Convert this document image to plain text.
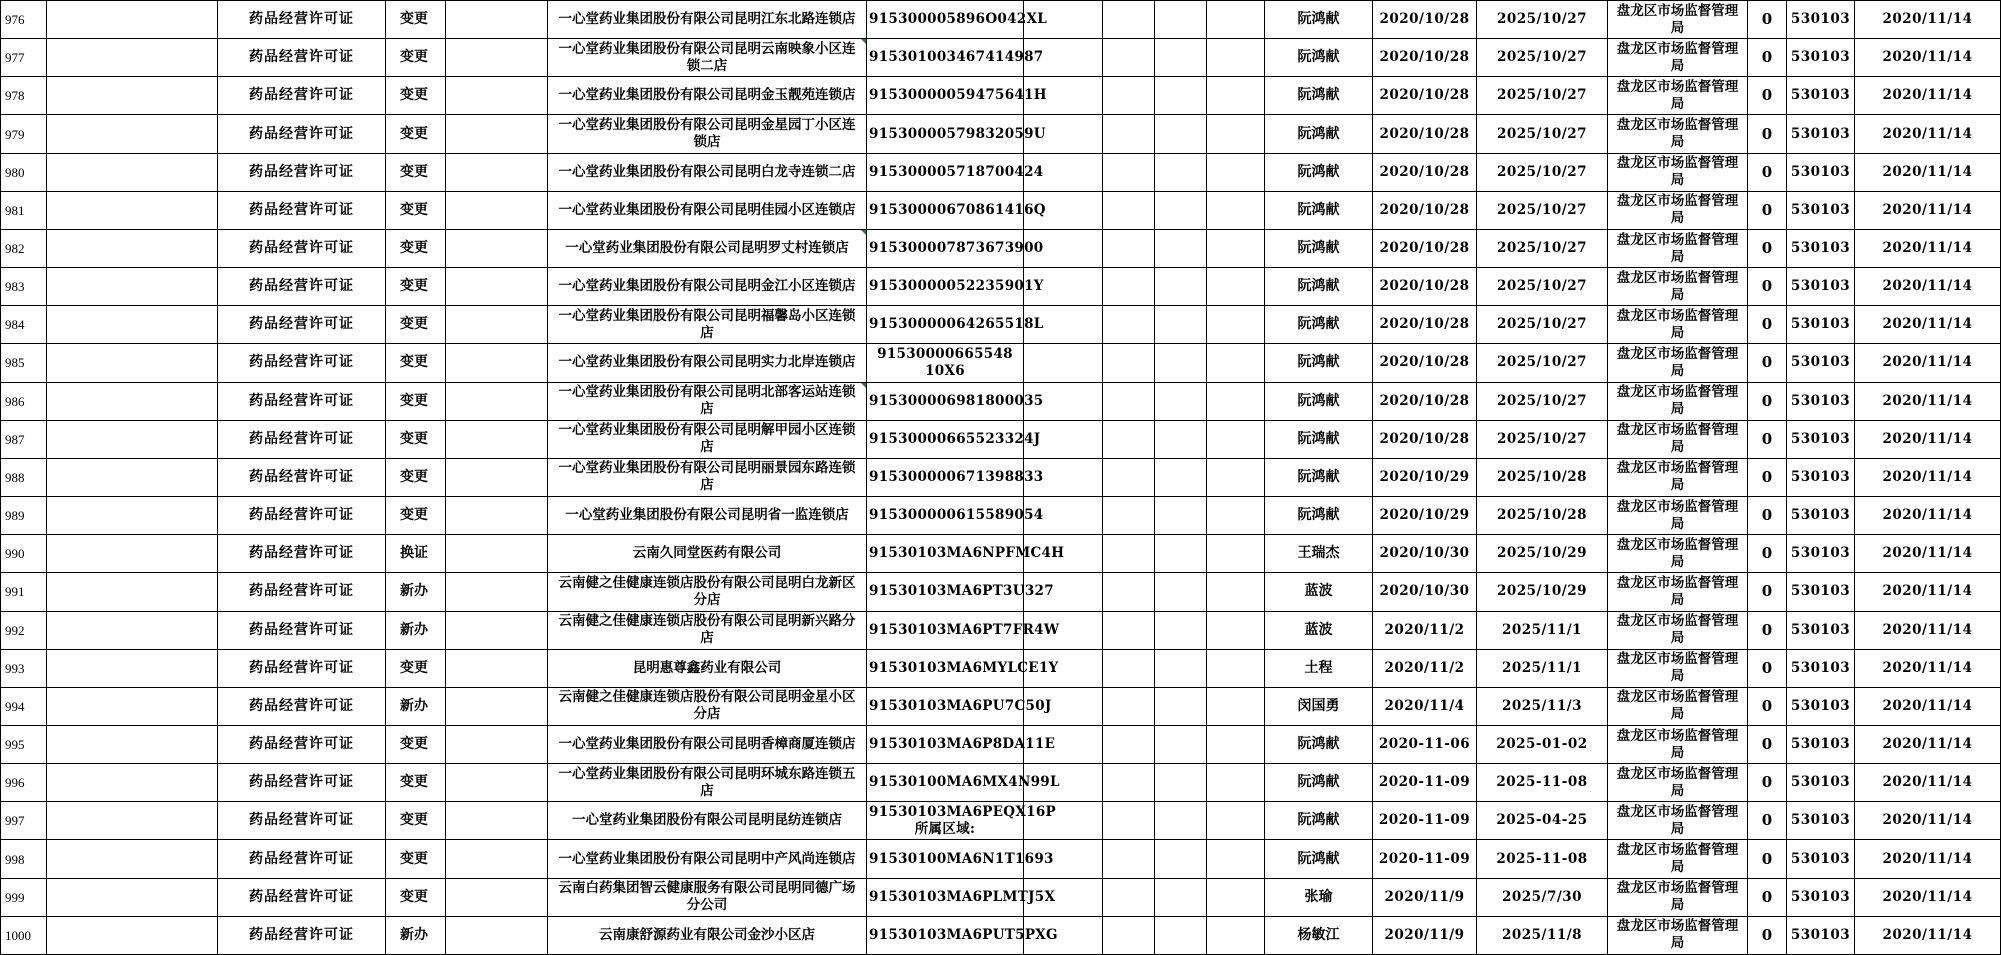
976		药品经营许可证	变更		一心堂药业集团股份有限公司昆明江东北路连锁店	915300005896O042XL					阮鸿献	2020/10/28	2025/10/27	盘龙区市场监督管理局	0	530103	2020/11/14
977		药品经营许可证	变更		一心堂药业集团股份有限公司昆明云南映象小区连锁二店	915301003467414987					阮鸿献	2020/10/28	2025/10/27	盘龙区市场监督管理局	0	530103	2020/11/14
978		药品经营许可证	变更		一心堂药业集团股份有限公司昆明金玉靓苑连锁店	91530000059475641H					阮鸿献	2020/10/28	2025/10/27	盘龙区市场监督管理局	0	530103	2020/11/14
979		药品经营许可证	变更		一心堂药业集团股份有限公司昆明金星园丁小区连锁店	91530000579832059U					阮鸿献	2020/10/28	2025/10/27	盘龙区市场监督管理局	0	530103	2020/11/14
980		药品经营许可证	变更		一心堂药业集团股份有限公司昆明白龙寺连锁二店	915300005718700424					阮鸿献	2020/10/28	2025/10/27	盘龙区市场监督管理局	0	530103	2020/11/14
981		药品经营许可证	变更		一心堂药业集团股份有限公司昆明佳园小区连锁店	91530000670861416Q					阮鸿献	2020/10/28	2025/10/27	盘龙区市场监督管理局	0	530103	2020/11/14
982		药品经营许可证	变更		一心堂药业集团股份有限公司昆明罗丈村连锁店	915300007873673900					阮鸿献	2020/10/28	2025/10/27	盘龙区市场监督管理局	0	530103	2020/11/14
983		药品经营许可证	变更		一心堂药业集团股份有限公司昆明金江小区连锁店	91530000052235901Y					阮鸿献	2020/10/28	2025/10/27	盘龙区市场监督管理局	0	530103	2020/11/14
984		药品经营许可证	变更		一心堂药业集团股份有限公司昆明福馨岛小区连锁店	91530000064265518L					阮鸿献	2020/10/28	2025/10/27	盘龙区市场监督管理局	0	530103	2020/11/14
985		药品经营许可证	变更		一心堂药业集团股份有限公司昆明实力北岸连锁店	91530000665548 10X6					阮鸿献	2020/10/28	2025/10/27	盘龙区市场监督管理局	0	530103	2020/11/14
986		药品经营许可证	变更		一心堂药业集团股份有限公司昆明北部客运站连锁店	915300006981800035					阮鸿献	2020/10/28	2025/10/27	盘龙区市场监督管理局	0	530103	2020/11/14
987		药品经营许可证	变更		一心堂药业集团股份有限公司昆明解甲园小区连锁店	91530000665523324J					阮鸿献	2020/10/28	2025/10/27	盘龙区市场监督管理局	0	530103	2020/11/14
988		药品经营许可证	变更		一心堂药业集团股份有限公司昆明丽景园东路连锁店	915300000671398833					阮鸿献	2020/10/29	2025/10/28	盘龙区市场监督管理局	0	530103	2020/11/14
989		药品经营许可证	变更		一心堂药业集团股份有限公司昆明省一监连锁店	915300000615589054					阮鸿献	2020/10/29	2025/10/28	盘龙区市场监督管理局	0	530103	2020/11/14
990		药品经营许可证	换证		云南久同堂医药有限公司	91530103MA6NPFMC4H					王瑞杰	2020/10/30	2025/10/29	盘龙区市场监督管理局	0	530103	2020/11/14
991		药品经营许可证	新办		云南健之佳健康连锁店股份有限公司昆明白龙新区分店	91530103MA6PT3U327					蓝波	2020/10/30	2025/10/29	盘龙区市场监督管理局	0	530103	2020/11/14
992		药品经营许可证	新办		云南健之佳健康连锁店股份有限公司昆明新兴路分店	91530103MA6PT7FR4W					蓝波	2020/11/2	2025/11/1	盘龙区市场监督管理局	0	530103	2020/11/14
993		药品经营许可证	变更		昆明惠尊鑫药业有限公司	91530103MA6MYLCE1Y					土程	2020/11/2	2025/11/1	盘龙区市场监督管理局	0	530103	2020/11/14
994		药品经营许可证	新办		云南健之佳健康连锁店股份有限公司昆明金星小区分店	91530103MA6PU7C50J					闵国勇	2020/11/4	2025/11/3	盘龙区市场监督管理局	0	530103	2020/11/14
995		药品经营许可证	变更		一心堂药业集团股份有限公司昆明香樟商厦连锁店	91530103MA6P8DA11E					阮鸿献	2020-11-06	2025-01-02	盘龙区市场监督管理局	0	530103	2020/11/14
996		药品经营许可证	变更		一心堂药业集团股份有限公司昆明环城东路连锁五店	91530100MA6MX4N99L					阮鸿献	2020-11-09	2025-11-08	盘龙区市场监督管理局	0	530103	2020/11/14
997		药品经营许可证	变更		一心堂药业集团股份有限公司昆明昆纺连锁店	91530103MA6PEQX16P所属区域:					阮鸿献	2020-11-09	2025-04-25	盘龙区市场监督管理局	0	530103	2020/11/14
998		药品经营许可证	变更		一心堂药业集团股份有限公司昆明中产风尚连锁店	91530100MA6N1T1693					阮鸿献	2020-11-09	2025-11-08	盘龙区市场监督管理局	0	530103	2020/11/14
999		药品经营许可证	变更		云南白药集团智云健康服务有限公司昆明同德广场分公司	91530103MA6PLMTJ5X					张瑜	2020/11/9	2025/7/30	盘龙区市场监督管理局	0	530103	2020/11/14
1000		药品经营许可证	新办		云南康舒源药业有限公司金沙小区店	91530103MA6PUT5PXG					杨敏江	2020/11/9	2025/11/8	盘龙区市场监督管理局	0	530103	2020/11/14
